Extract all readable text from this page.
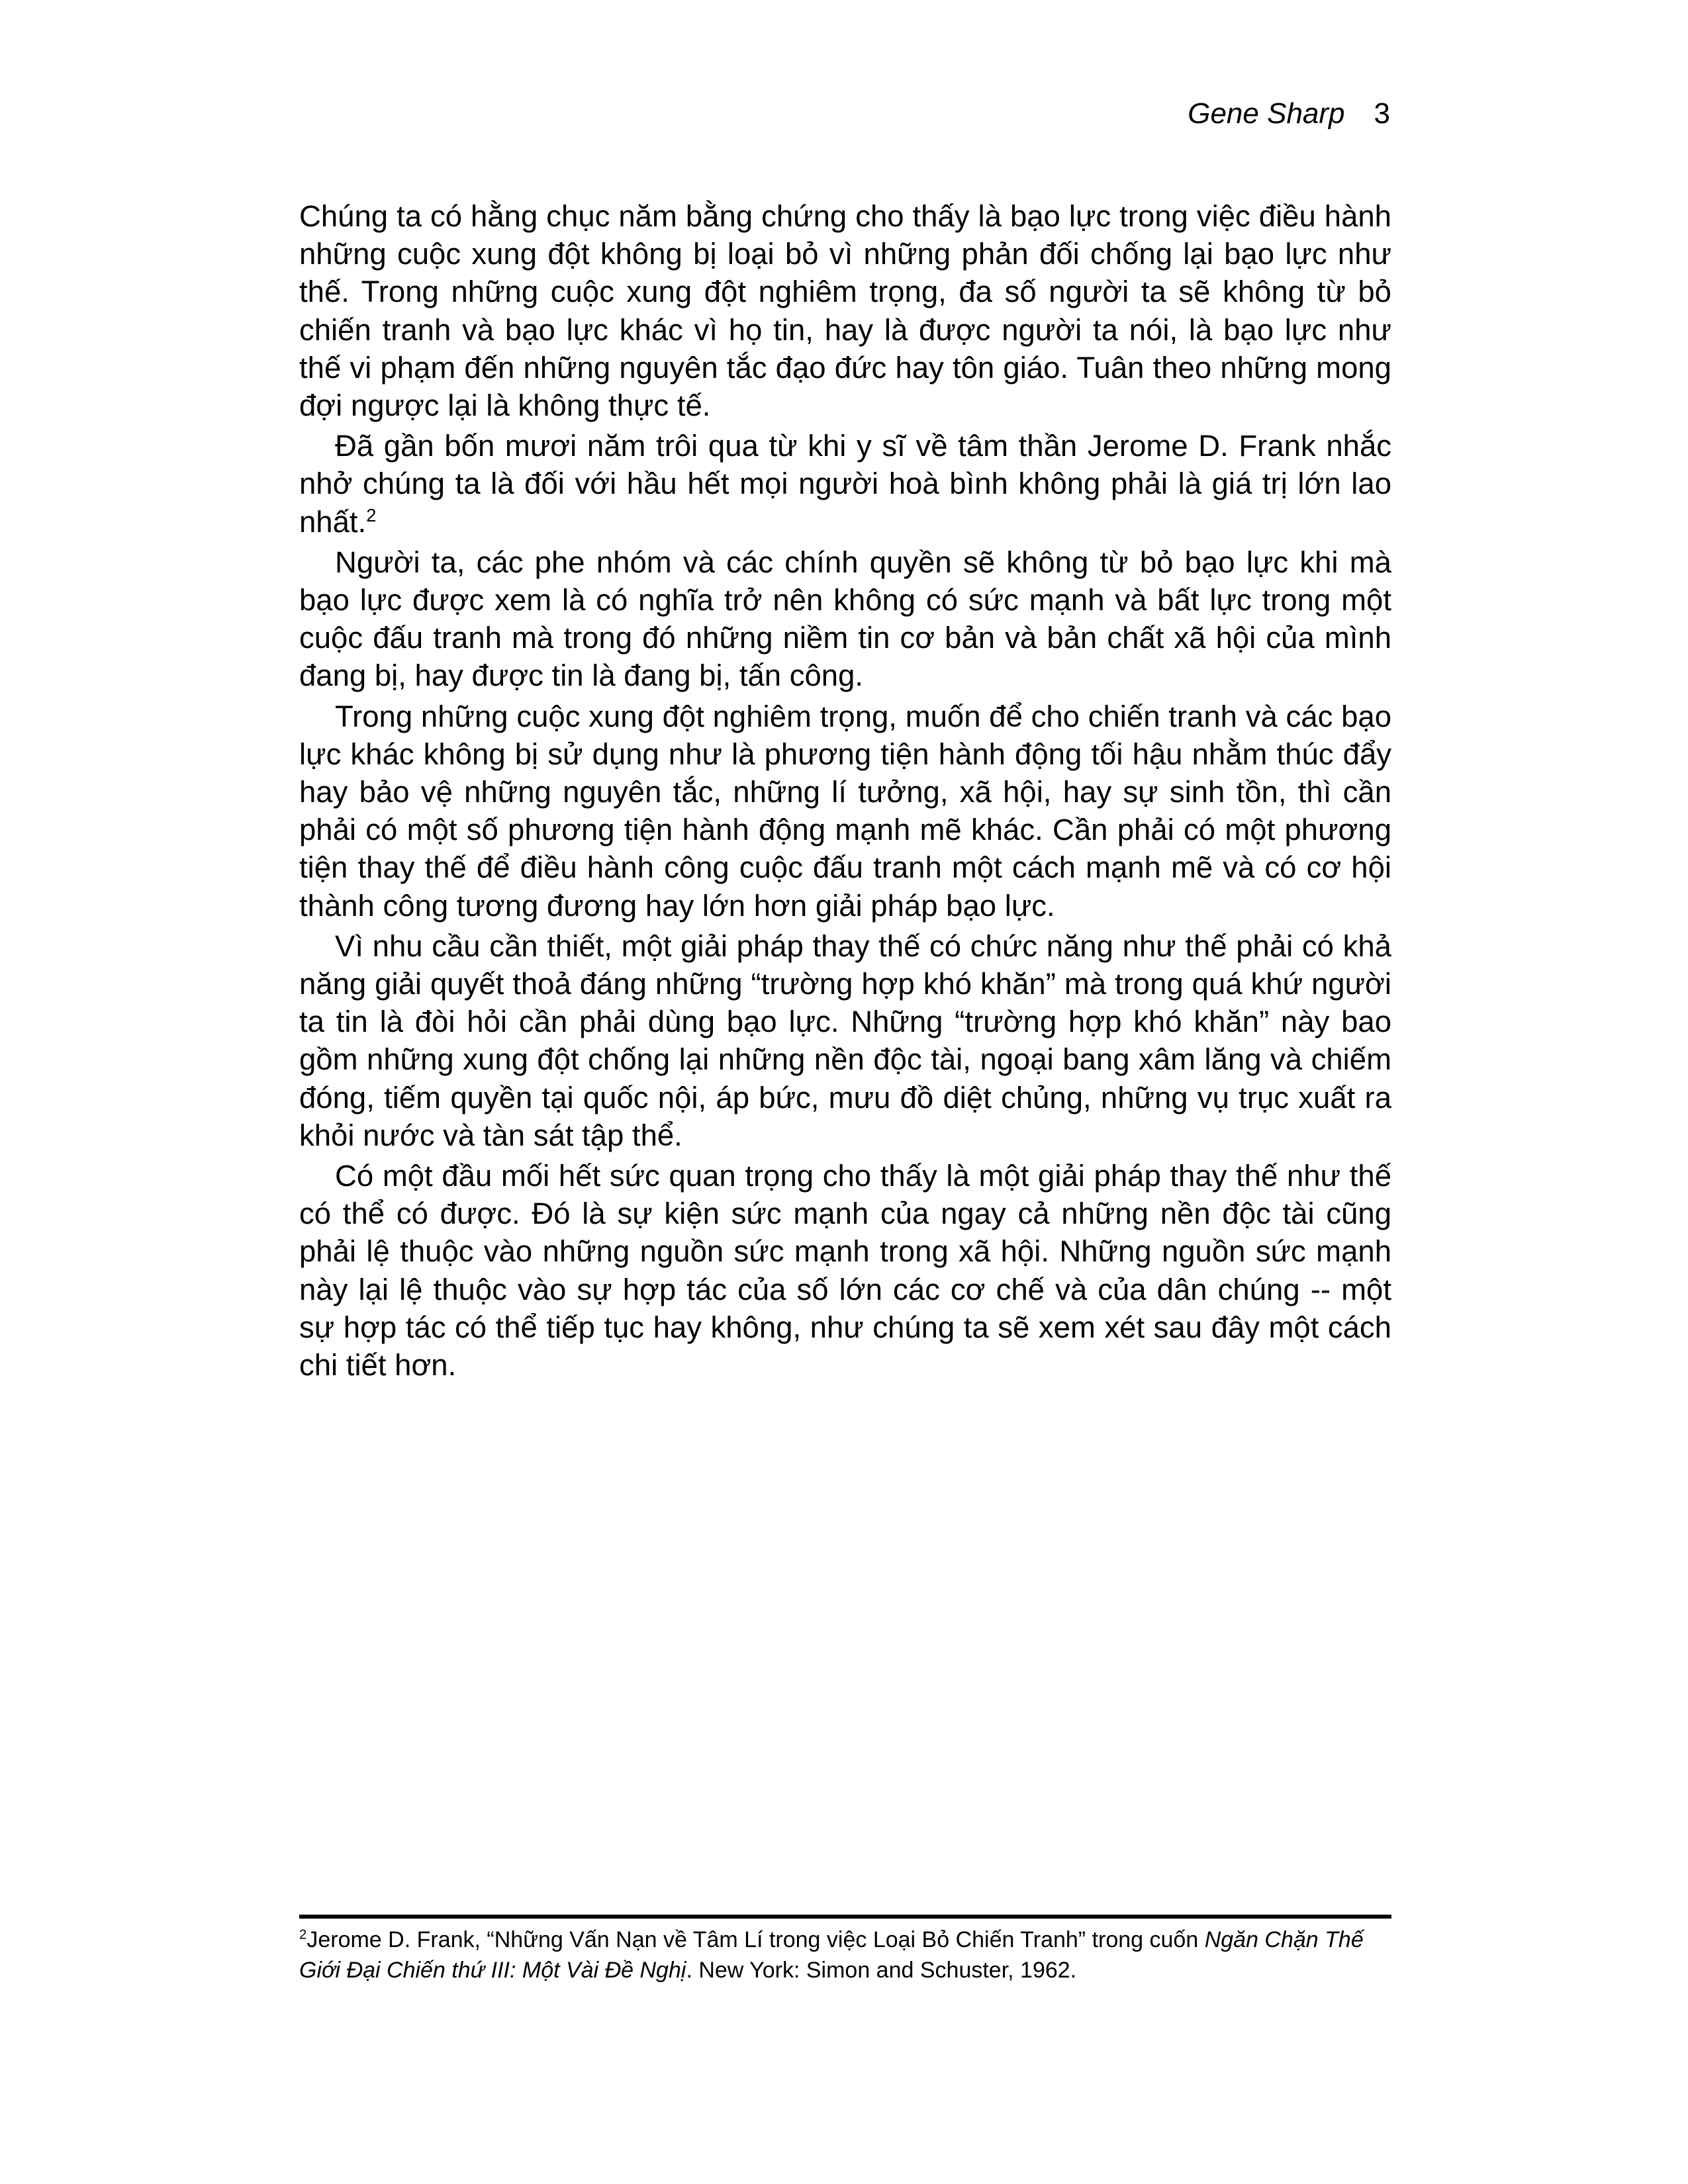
Gene Sharp 3

Chúng ta có hằng chục năm bằng chứng cho thấy là bạo lực trong việc điều hành những cuộc xung đột không bị loại bỏ vì những phản đối chống lại bạo lực như thế. Trong những cuộc xung đột nghiêm trọng, đa số người ta sẽ không từ bỏ chiến tranh và bạo lực khác vì họ tin, hay là được người ta nói, là bạo lực như thế vi phạm đến những nguyên tắc đạo đức hay tôn giáo. Tuân theo những mong đợi ngược lại là không thực tế.

Đã gần bốn mươi năm trôi qua từ khi y sĩ về tâm thần Jerome D. Frank nhắc nhở chúng ta là đối với hầu hết mọi người hoà bình không phải là giá trị lớn lao nhất.$^2$

Người ta, các phe nhóm và các chính quyền sẽ không từ bỏ bạo lực khi mà bạo lực được xem là có nghĩa trở nên không có sức mạnh và bất lực trong một cuộc đấu tranh mà trong đó những niềm tin cơ bản và bản chất xã hội của mình đang bị, hay được tin là đang bị, tấn công.

Trong những cuộc xung đột nghiêm trọng, muốn để cho chiến tranh và các bạo lực khác không bị sử dụng như là phương tiện hành động tối hậu nhằm thúc đẩy hay bảo vệ những nguyên tắc, những lí tưởng, xã hội, hay sự sinh tồn, thì cần phải có một số phương tiện hành động mạnh mẽ khác. Cần phải có một phương tiện thay thế để điều hành công cuộc đấu tranh một cách mạnh mẽ và có cơ hội thành công tương đương hay lớn hơn giải pháp bạo lực.

Vì nhu cầu cần thiết, một giải pháp thay thế có chức năng như thế phải có khả năng giải quyết thoả đáng những “trường hợp khó khăn” mà trong quá khứ người ta tin là đòi hỏi cần phải dùng bạo lực. Những “trường hợp khó khăn” này bao gồm những xung đột chống lại những nền độc tài, ngoại bang xâm lăng và chiếm đóng, tiếm quyền tại quốc nội, áp bức, mưu đồ diệt chủng, những vụ trục xuất ra khỏi nước và tàn sát tập thể.

Có một đầu mối hết sức quan trọng cho thấy là một giải pháp thay thế như thế có thể có được. Đó là sự kiện sức mạnh của ngay cả những nền độc tài cũng phải lệ thuộc vào những nguồn sức mạnh trong xã hội. Những nguồn sức mạnh này lại lệ thuộc vào sự hợp tác của số lớn các cơ chế và của dân chúng -- một sự hợp tác có thể tiếp tục hay không, như chúng ta sẽ xem xét sau đây một cách chi tiết hơn.

$^2$Jerome D. Frank, “Những Vấn Nạn về Tâm Lí trong việc Loại Bỏ Chiến Tranh” trong cuốn Ngăn Chặn Thế Giới Đại Chiến thứ III: Một Vài Đề Nghị. New York: Simon and Schuster, 1962.
